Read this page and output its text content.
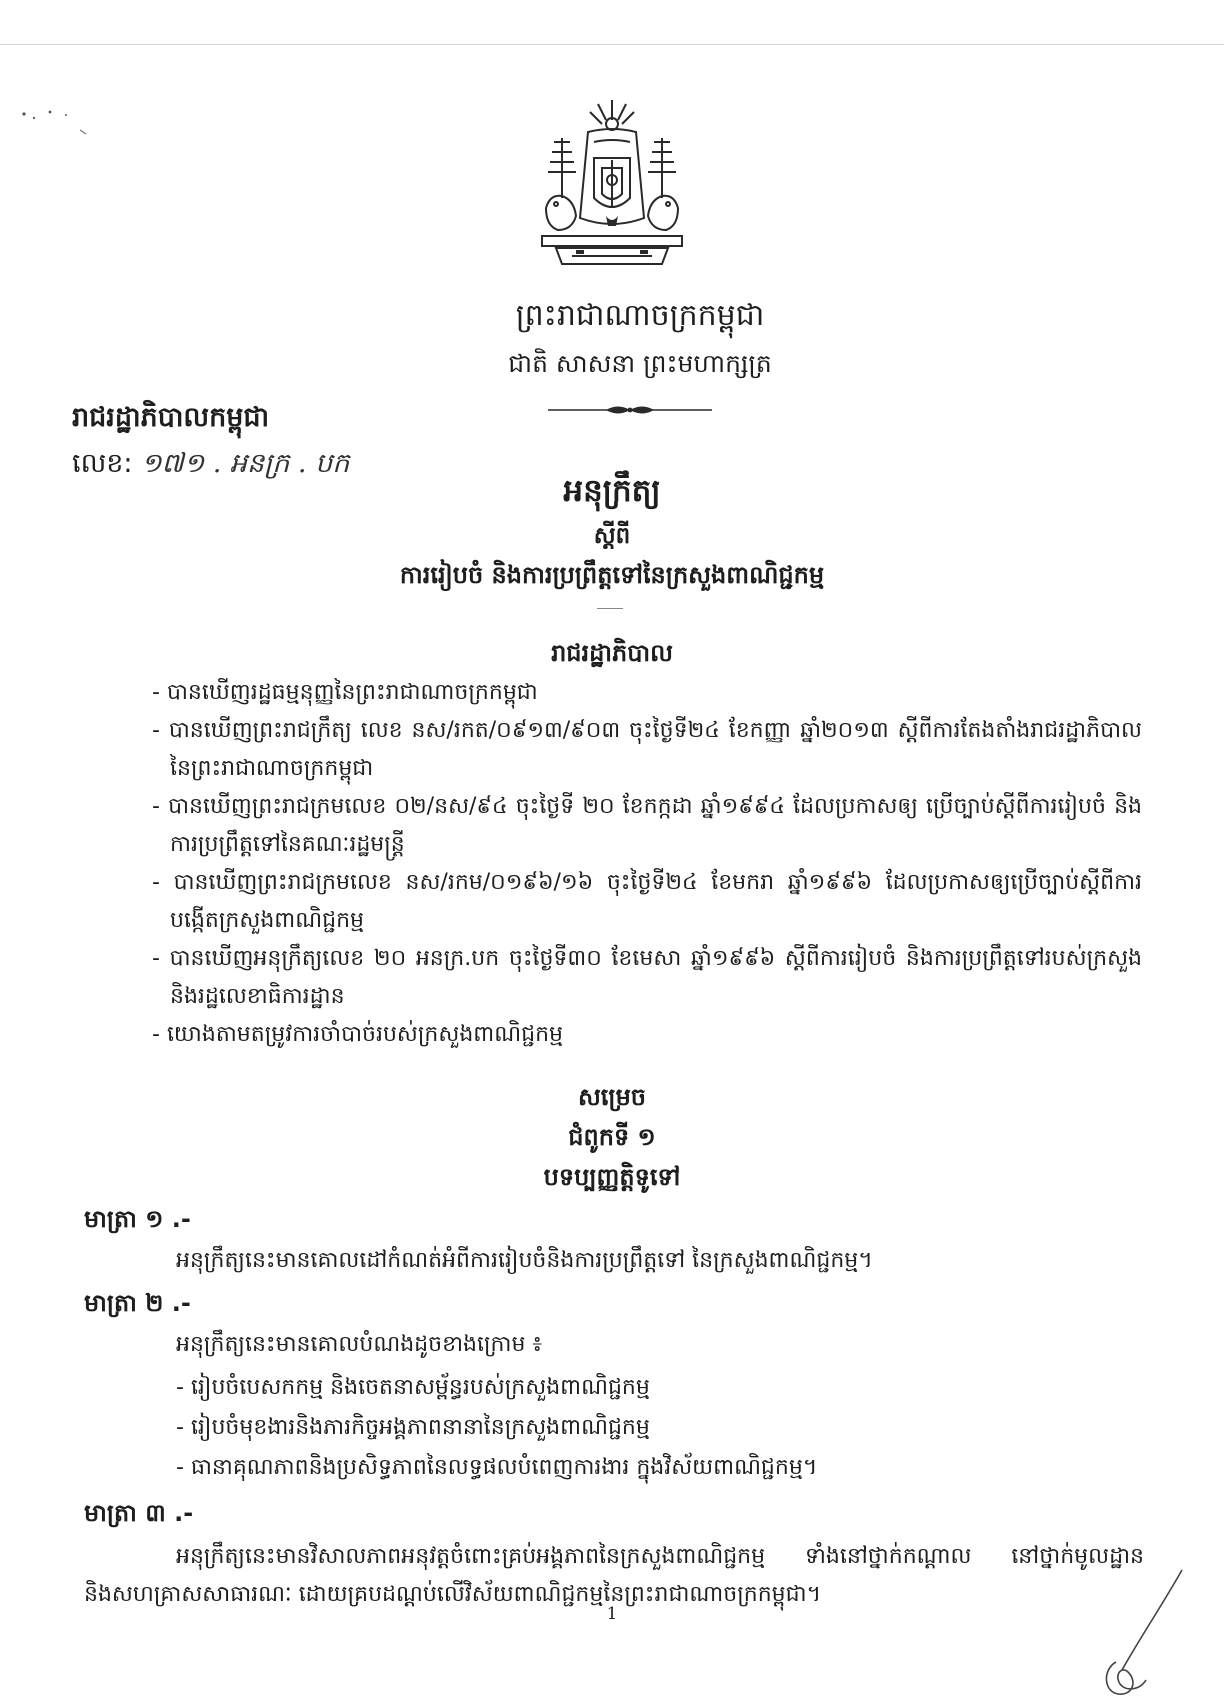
ព្រះរាជាណាចក្រកម្ពុជា
ជាតិ សាសនា ព្រះមហាក្សត្រ
រាជរដ្ឋាភិបាលកម្ពុជា
លេខ: ១៧១ . អនក្រ . បក
អនុក្រឹត្យ
ស្តីពី
ការរៀបចំ និងការប្រព្រឹត្តទៅនៃក្រសួងពាណិជ្ជកម្ម
រាជរដ្ឋាភិបាល
- បានឃើញរដ្ឋធម្មនុញ្ញនៃព្រះរាជាណាចក្រកម្ពុជា
- បានឃើញព្រះរាជក្រឹត្យ លេខ នស/រកត/០៩១៣/៩០៣ ចុះថ្ងៃទី២៤ ខែកញ្ញា ឆ្នាំ២០១៣ ស្តីពីការតែងតាំងរាជរដ្ឋាភិបាល នៃព្រះរាជាណាចក្រកម្ពុជា
- បានឃើញព្រះរាជក្រមលេខ ០២/នស/៩៤ ចុះថ្ងៃទី ២០ ខែកក្កដា ឆ្នាំ១៩៩៤ ដែលប្រកាសឲ្យ ប្រើច្បាប់ស្តីពីការរៀបចំ និងការប្រព្រឹត្តទៅនៃគណៈរដ្ឋមន្ត្រី
- បានឃើញព្រះរាជក្រមលេខ នស/រកម/០១៩៦/១៦ ចុះថ្ងៃទី២៤ ខែមករា ឆ្នាំ១៩៩៦ ដែលប្រកាសឲ្យប្រើច្បាប់ស្តីពីការបង្កើតក្រសួងពាណិជ្ជកម្ម
- បានឃើញអនុក្រឹត្យលេខ ២០ អនក្រ.បក ចុះថ្ងៃទី៣០ ខែមេសា ឆ្នាំ១៩៩៦ ស្តីពីការរៀបចំ និងការប្រព្រឹត្តទៅរបស់ក្រសួង និងរដ្ឋលេខាធិការដ្ឋាន
- យោងតាមតម្រូវការចាំបាច់របស់ក្រសួងពាណិជ្ជកម្ម
សម្រេច
ជំពូកទី ១
បទប្បញ្ញត្តិទូទៅ
មាត្រា ១ .-
អនុក្រឹត្យនេះមានគោលដៅកំណត់អំពីការរៀបចំនិងការប្រព្រឹត្តទៅ នៃក្រសួងពាណិជ្ជកម្ម។
មាត្រា ២ .-
អនុក្រឹត្យនេះមានគោលបំណងដូចខាងក្រោម ៖
- រៀបចំបេសកកម្ម និងចេតនាសម្ព័ន្ធរបស់ក្រសួងពាណិជ្ជកម្ម
- រៀបចំមុខងារនិងភារកិច្ចអង្គភាពនានានៃក្រសួងពាណិជ្ជកម្ម
- ធានាគុណភាពនិងប្រសិទ្ធភាពនៃលទ្ធផលបំពេញការងារ ក្នុងវិស័យពាណិជ្ជកម្ម។
មាត្រា ៣ .-
អនុក្រឹត្យនេះមានវិសាលភាពអនុវត្តចំពោះគ្រប់អង្គភាពនៃក្រសួងពាណិជ្ជកម្ម ទាំងនៅថ្នាក់កណ្តាល នៅថ្នាក់មូលដ្ឋាននិងសហគ្រាសសាធារណៈ ដោយគ្របដណ្តប់លើវិស័យពាណិជ្ជកម្មនៃព្រះរាជាណាចក្រកម្ពុជា។
1
